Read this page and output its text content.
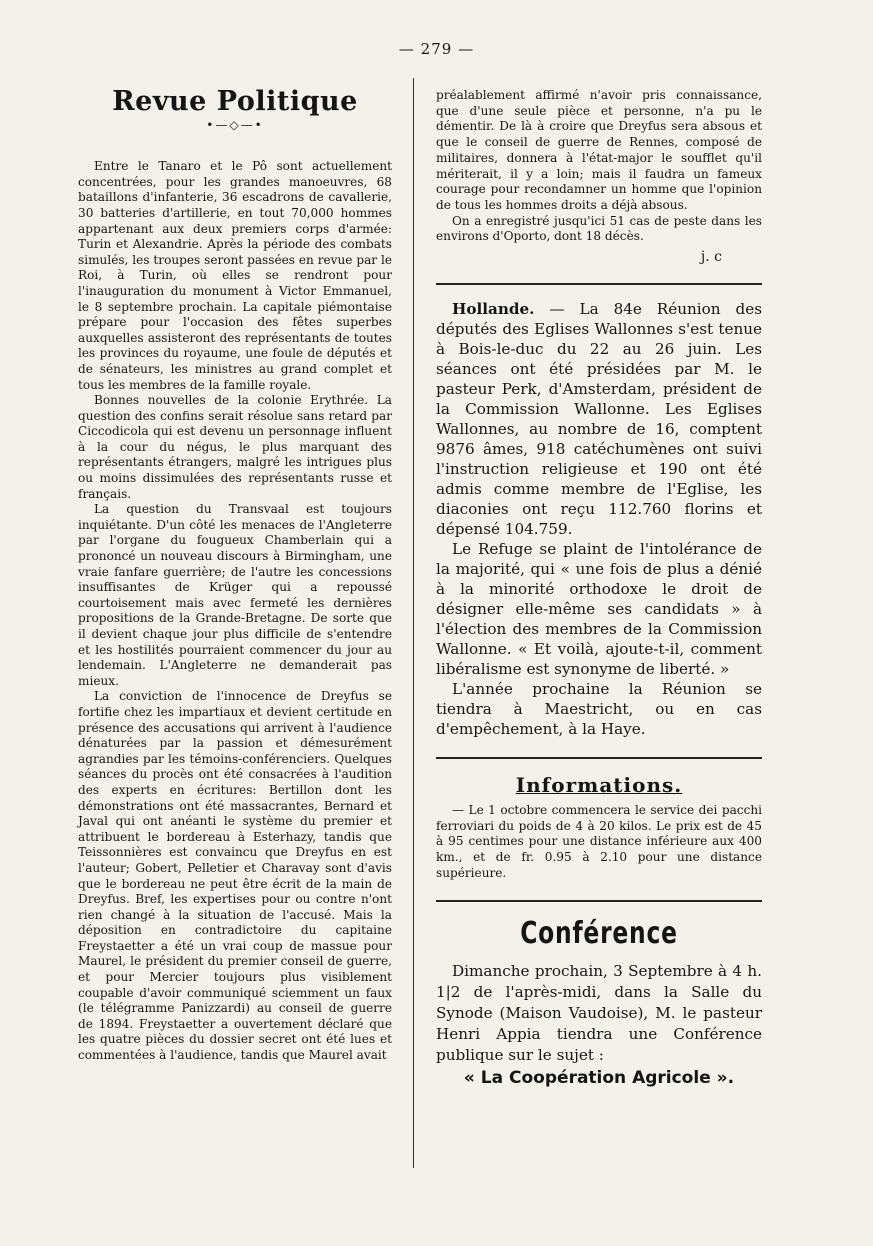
— 279 —
Revue Politique
•—◇—•

Entre le Tanaro et le Pô sont actuellement concentrées, pour les grandes manoeuvres, 68 bataillons d'infanterie, 36 escadrons de cavallerie, 30 batteries d'artillerie, en tout 70,000 hommes appartenant aux deux premiers corps d'armée: Turin et Alexandrie. Après la période des combats simulés, les troupes seront passées en revue par le Roi, à Turin, où elles se rendront pour l'inauguration du monument à Victor Emmanuel, le 8 septembre prochain. La capitale piémontaise prépare pour l'occasion des fêtes superbes auxquelles assisteront des représentants de toutes les provinces du royaume, une foule de députés et de sénateurs, les ministres au grand complet et tous les membres de la famille royale.

Bonnes nouvelles de la colonie Erythrée. La question des confins serait résolue sans retard par Ciccodicola qui est devenu un personnage influent à la cour du négus, le plus marquant des représentants étrangers, malgré les intrigues plus ou moins dissimulées des représentants russe et français.

La question du Transvaal est toujours inquiétante. D'un côté les menaces de l'Angleterre par l'organe du fougueux Chamberlain qui a prononcé un nouveau discours à Birmingham, une vraie fanfare guerrière; de l'autre les concessions insuffisantes de Krüger qui a repoussé courtoisement mais avec fermeté les dernières propositions de la Grande-Bretagne. De sorte que il devient chaque jour plus difficile de s'entendre et les hostilités pourraient commencer du jour au lendemain. L'Angleterre ne demanderait pas mieux.

La conviction de l'innocence de Dreyfus se fortifie chez les impartiaux et devient certitude en présence des accusations qui arrivent à l'audience dénaturées par la passion et démesurément agrandies par les témoins-conférenciers. Quelques séances du procès ont été consacrées à l'audition des experts en écritures: Bertillon dont les démonstrations ont été massacrantes, Bernard et Javal qui ont anéanti le système du premier et attribuent le bordereau à Esterhazy, tandis que Teissonnières est convaincu que Dreyfus en est l'auteur; Gobert, Pelletier et Charavay sont d'avis que le bordereau ne peut être écrit de la main de Dreyfus. Bref, les expertises pour ou contre n'ont rien changé à la situation de l'accusé. Mais la déposition en contradictoire du capitaine Freystaetter a été un vrai coup de massue pour Maurel, le président du premier conseil de guerre, et pour Mercier toujours plus visiblement coupable d'avoir communiqué sciemment un faux (le télégramme Panizzardi) au conseil de guerre de 1894. Freystaetter a ouvertement déclaré que les quatre pièces du dossier secret ont été lues et commentées à l'audience, tandis que Maurel avait

préalablement affirmé n'avoir pris connaissance, que d'une seule pièce et personne, n'a pu le démentir. De là à croire que Dreyfus sera absous et que le conseil de guerre de Rennes, composé de militaires, donnera à l'état-major le soufflet qu'il mériterait, il y a loin; mais il faudra un fameux courage pour recondamner un homme que l'opinion de tous les hommes droits a déjà absous.

On a enregistré jusqu'ici 51 cas de peste dans les environs d'Oporto, dont 18 décès.

j. c

Hollande. — La 84e Réunion des députés des Eglises Wallonnes s'est tenue à Bois-le-duc du 22 au 26 juin. Les séances ont été présidées par M. le pasteur Perk, d'Amsterdam, président de la Commission Wallonne. Les Eglises Wallonnes, au nombre de 16, comptent 9876 âmes, 918 catéchumènes ont suivi l'instruction religieuse et 190 ont été admis comme membre de l'Eglise, les diaconies ont reçu 112.760 florins et dépensé 104.759.

Le Refuge se plaint de l'intolérance de la majorité, qui « une fois de plus a dénié à la minorité orthodoxe le droit de désigner elle-même ses candidats » à l'élection des membres de la Commission Wallonne. « Et voilà, ajoute-t-il, comment libéralisme est synonyme de liberté. »

L'année prochaine la Réunion se tiendra à Maestricht, ou en cas d'empêchement, à la Haye.

Informations.

— Le 1 octobre commencera le service dei pacchi ferroviari du poids de 4 à 20 kilos. Le prix est de 45 à 95 centimes pour une distance inférieure aux 400 km., et de fr. 0.95 à 2.10 pour une distance supérieure.

Conférence

Dimanche prochain, 3 Septembre à 4 h. 1|2 de l'après-midi, dans la Salle du Synode (Maison Vaudoise), M. le pasteur Henri Appia tiendra une Conférence publique sur le sujet :

« La Coopération Agricole ».
